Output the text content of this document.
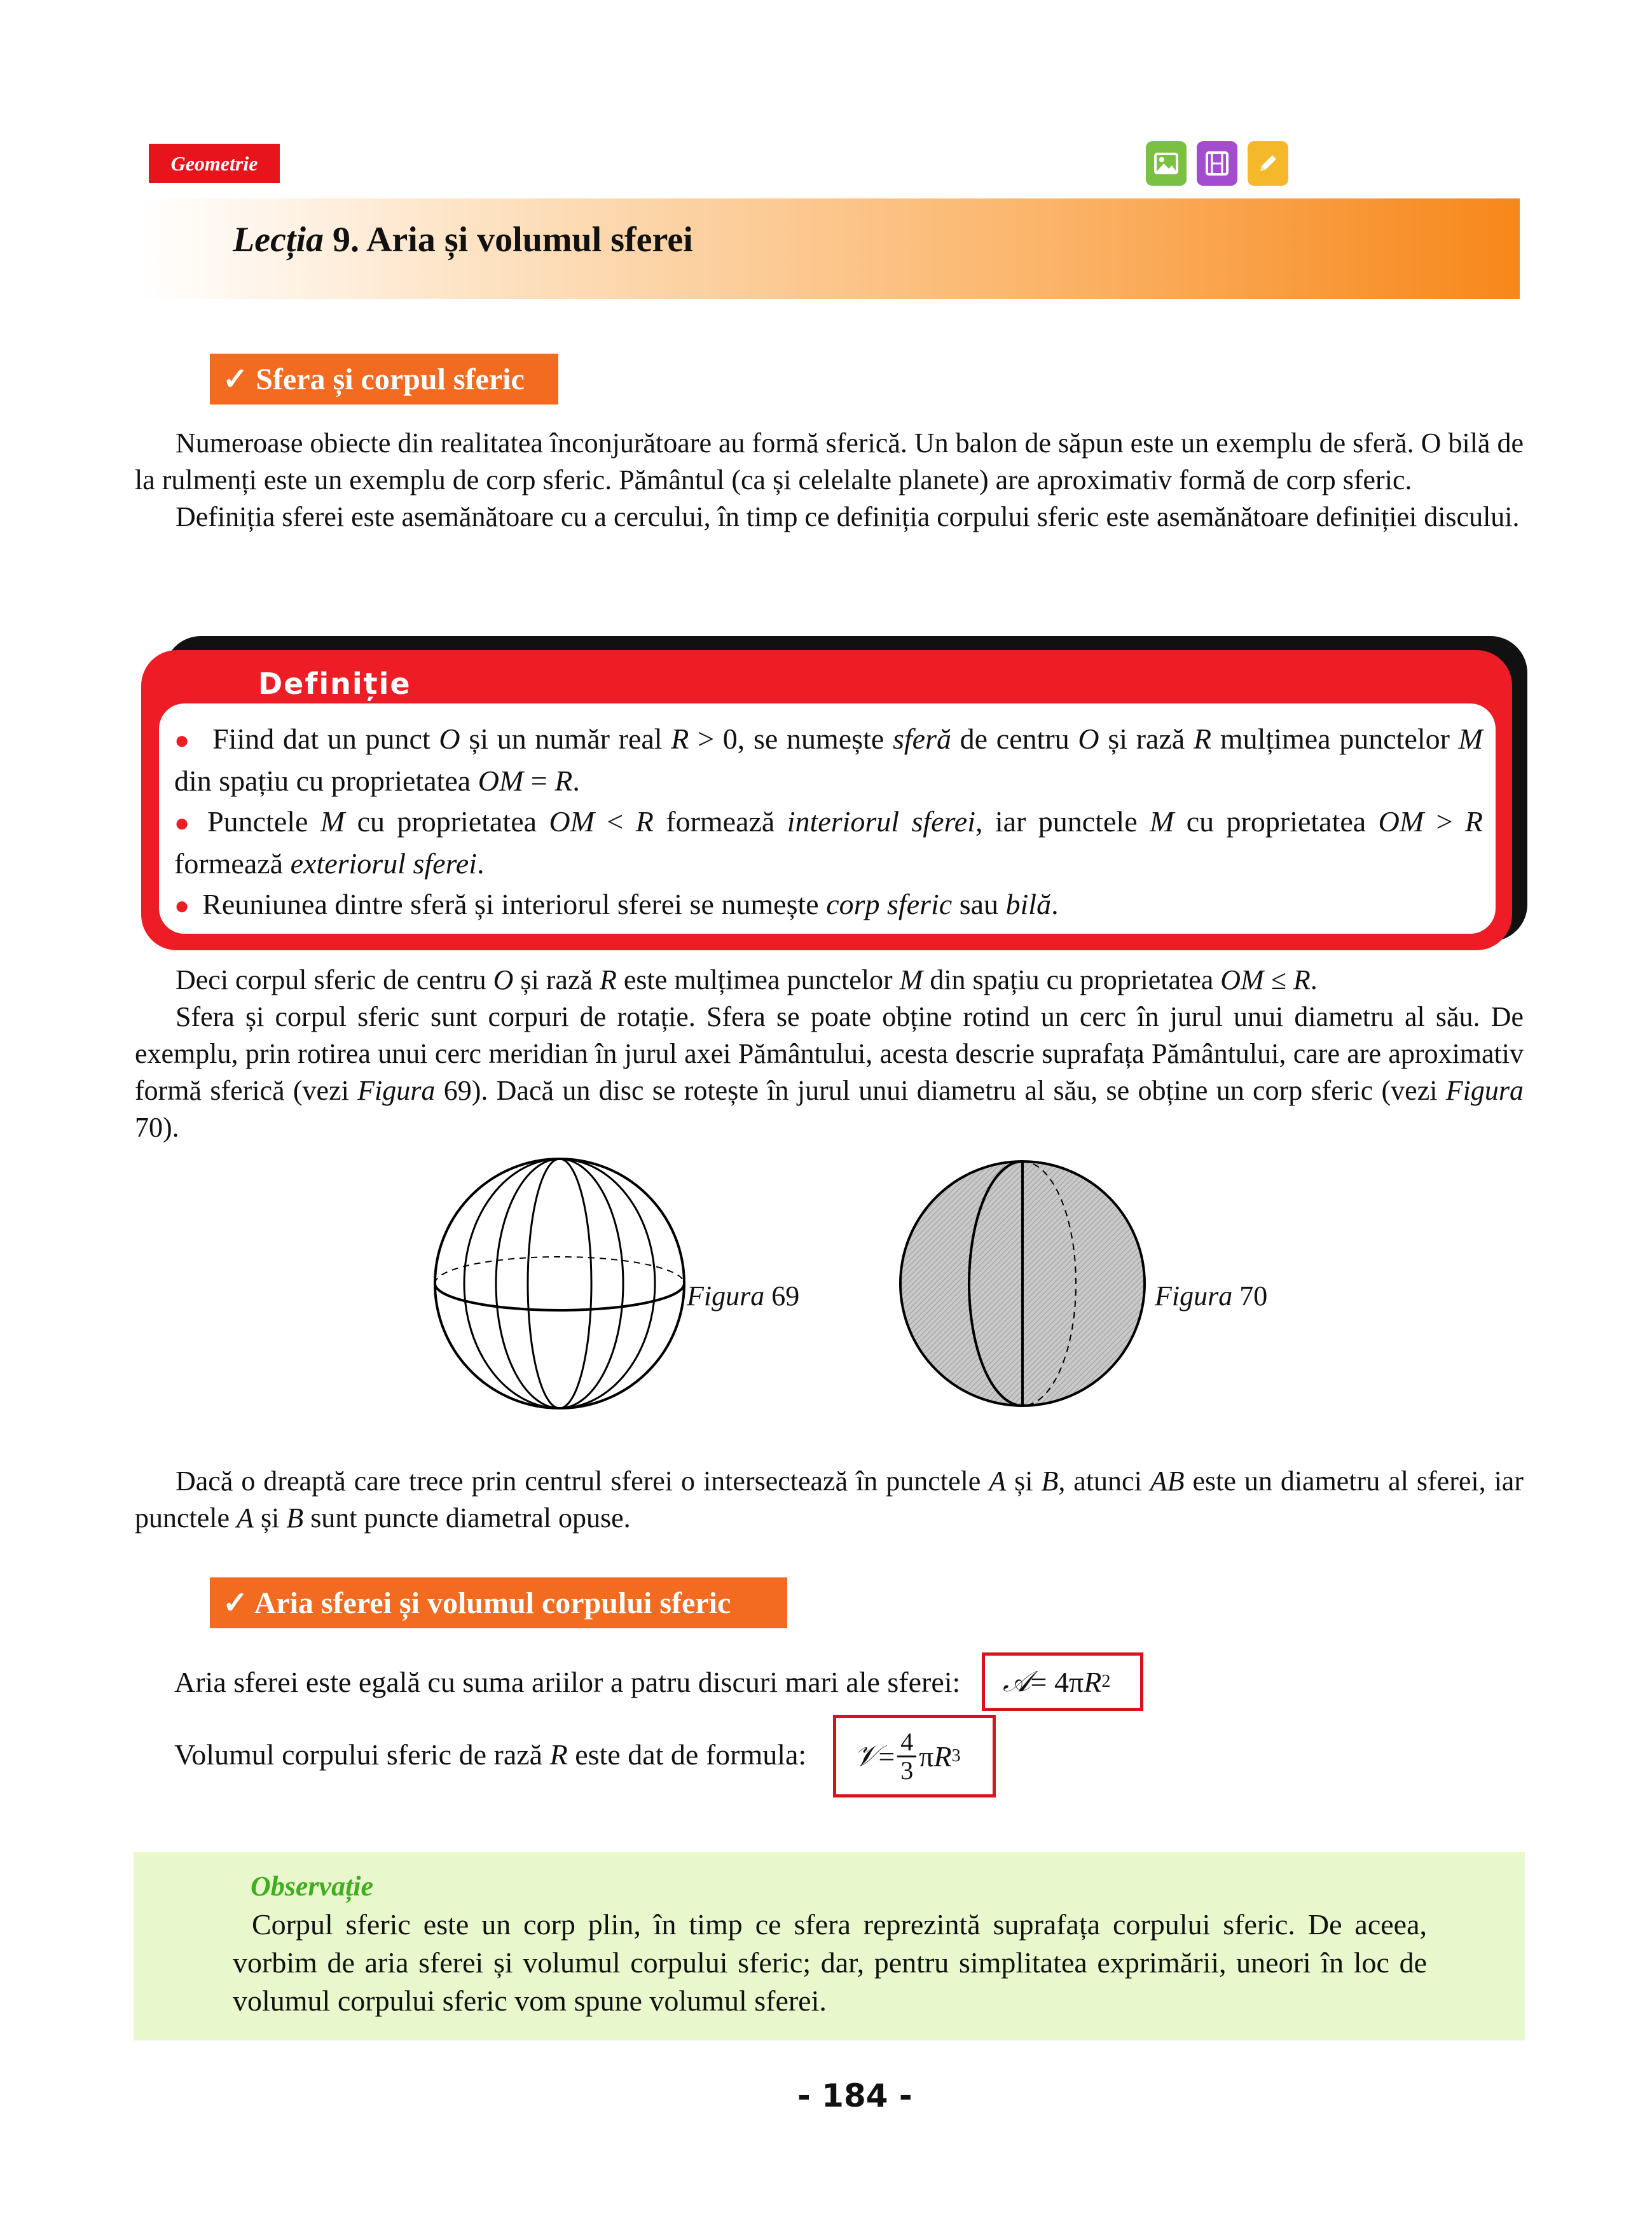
Geometrie
Lecția 9. Aria și volumul sferei
✓ Sfera și corpul sferic

Numeroase obiecte din realitatea înconjurătoare au formă sferică. Un balon de săpun este un exemplu de sferă. O bilă de la rulmenți este un exemplu de corp sferic. Pământul (ca și celelalte planete) are aproximativ formă de corp sferic.

Definiția sferei este asemănătoare cu a cercului, în timp ce definiția corpului sferic este asemănătoare definiției discului.

Definiție
● Fiind dat un punct O și un număr real R > 0, se numește sferă de centru O și rază R mulțimea punctelor M din spațiu cu proprietatea OM = R.
● Punctele M cu proprietatea OM < R formează interiorul sferei, iar punctele M cu proprietatea OM > R formează exteriorul sferei.
● Reuniunea dintre sferă și interiorul sferei se numește corp sferic sau bilă.

Deci corpul sferic de centru O și rază R este mulțimea punctelor M din spațiu cu proprietatea OM ≤ R.

Sfera și corpul sferic sunt corpuri de rotație. Sfera se poate obține rotind un cerc în jurul unui diametru al său. De exemplu, prin rotirea unui cerc meridian în jurul axei Pământului, acesta descrie suprafața Pământului, care are aproximativ formă sferică (vezi Figura 69). Dacă un disc se rotește în jurul unui diametru al său, se obține un corp sferic (vezi Figura 70).

Figura 69	Figura 70

Dacă o dreaptă care trece prin centrul sferei o intersectează în punctele A și B, atunci AB este un diametru al sferei, iar punctele A și B sunt puncte diametral opuse.

✓ Aria sferei și volumul corpului sferic
Aria sferei este egală cu suma ariilor a patru discuri mari ale sferei: 𝒜 = 4π R 2
Volumul corpului sferic de rază R este dat de formula: 𝒱 = 4
3 π R 3
Observație

Corpul sferic este un corp plin, în timp ce sfera reprezintă suprafața corpului sferic. De aceea, vorbim de aria sferei și volumul corpului sferic; dar, pentru simplitatea exprimării, uneori în loc de volumul corpului sferic vom spune volumul sferei.

- 184 -
